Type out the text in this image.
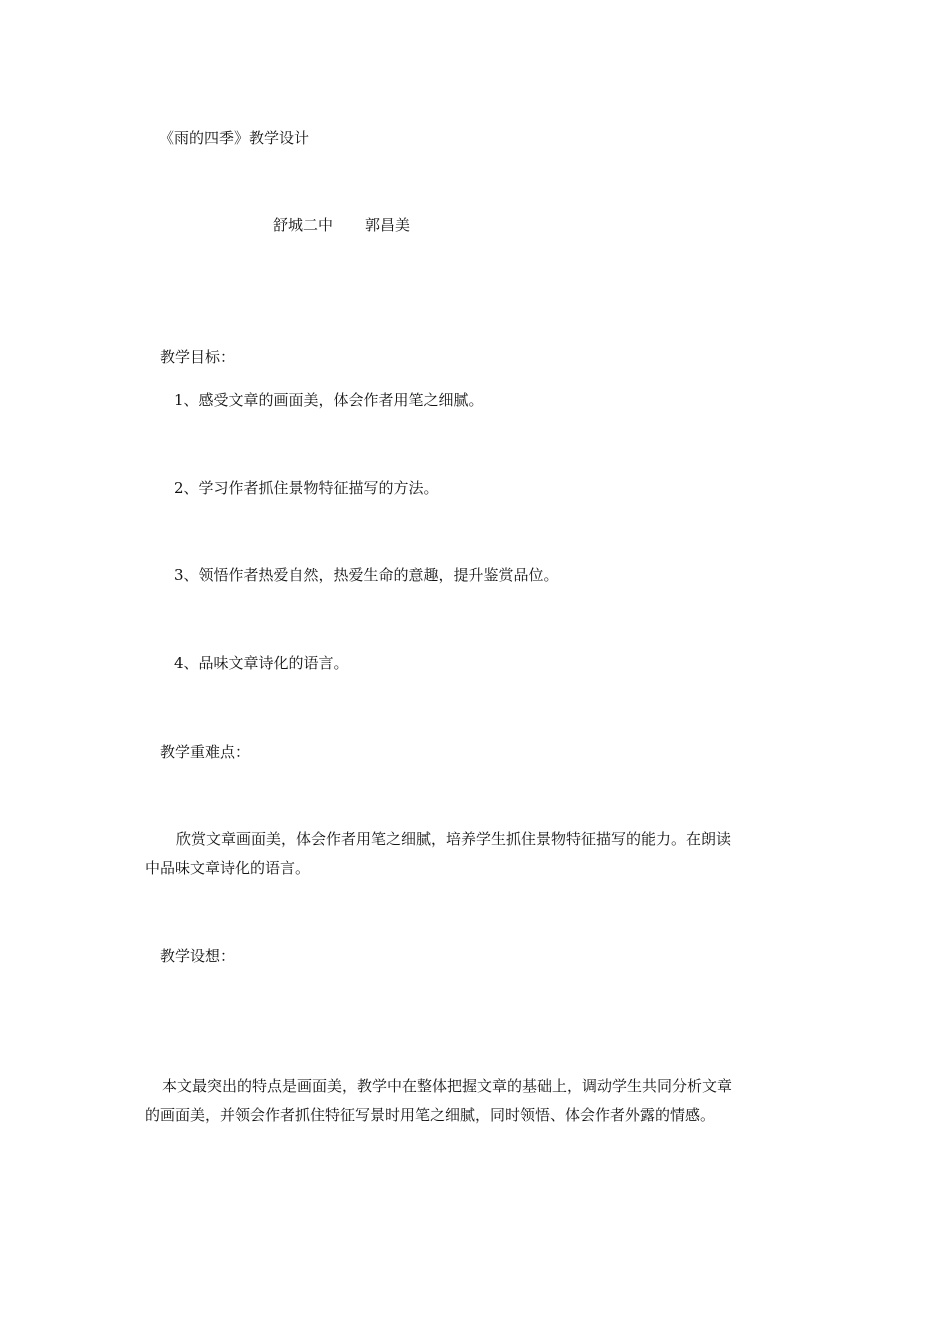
《雨的四季》教学设计
舒城二中 郭昌美
教学目标：
1、感受文章的画面美，体会作者用笔之细腻。
2、学习作者抓住景物特征描写的方法。
3、领悟作者热爱自然，热爱生命的意趣，提升鉴赏品位。
4、品味文章诗化的语言。
教学重难点：
欣赏文章画面美，体会作者用笔之细腻，培养学生抓住景物特征描写的能力。在朗读
中品味文章诗化的语言。
教学设想：
本文最突出的特点是画面美，教学中在整体把握文章的基础上，调动学生共同分析文章
的画面美，并领会作者抓住特征写景时用笔之细腻，同时领悟、体会作者外露的情感。
